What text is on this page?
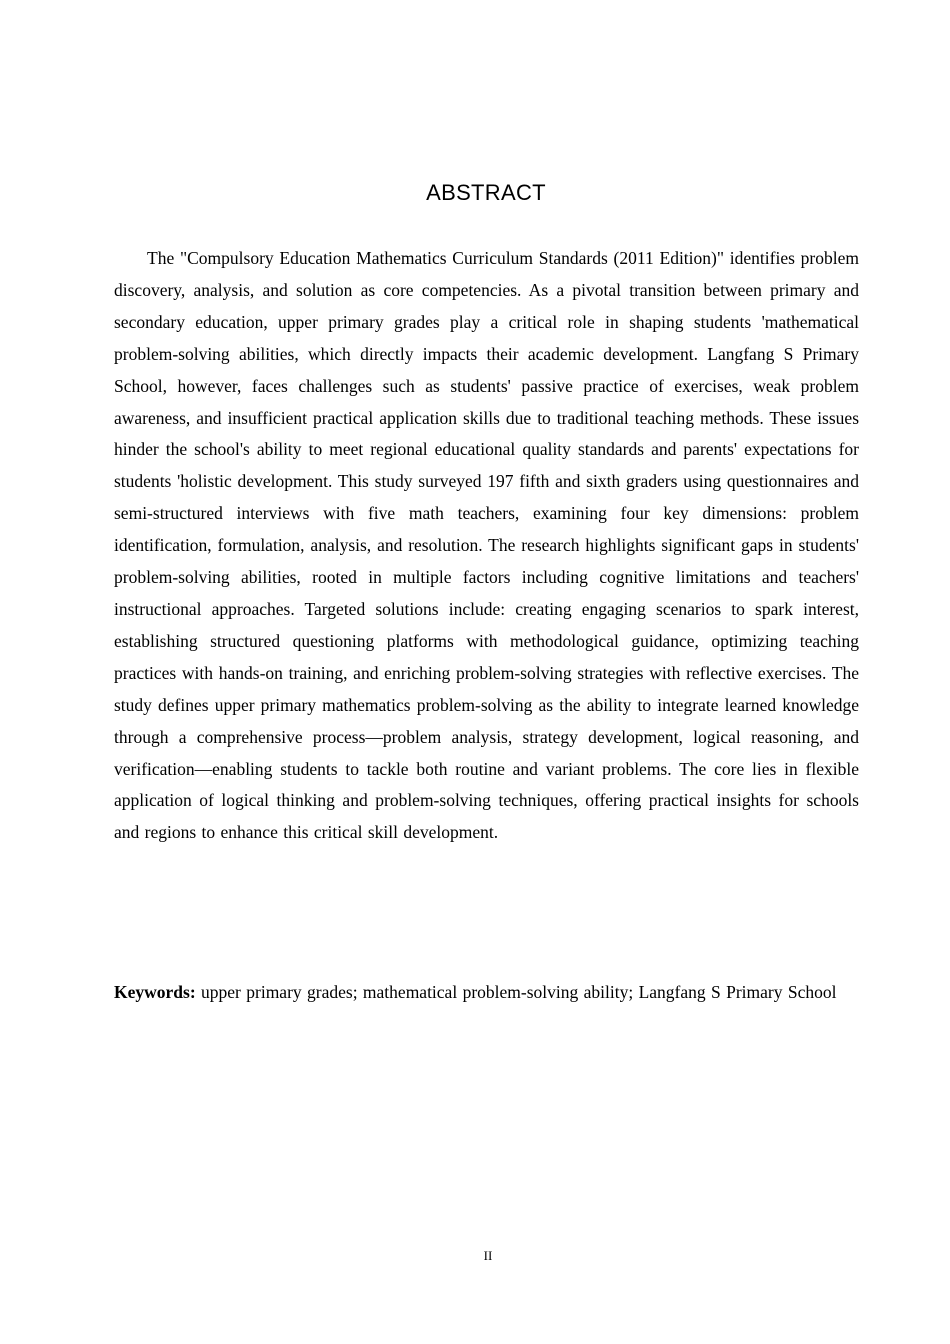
ABSTRACT

The "Compulsory Education Mathematics Curriculum Standards (2011 Edition)" identifies problem discovery, analysis, and solution as core competencies. As a pivotal transition between primary and secondary education, upper primary grades play a critical role in shaping students 'mathematical problem-solving abilities, which directly impacts their academic development. Langfang S Primary School, however, faces challenges such as students' passive practice of exercises, weak problem awareness, and insufficient practical application skills due to traditional teaching methods. These issues hinder the school's ability to meet regional educational quality standards and parents' expectations for students 'holistic development. This study surveyed 197 fifth and sixth graders using questionnaires and semi-structured interviews with five math teachers, examining four key dimensions: problem identification, formulation, analysis, and resolution. The research highlights significant gaps in students' problem-solving abilities, rooted in multiple factors including cognitive limitations and teachers' instructional approaches. Targeted solutions include: creating engaging scenarios to spark interest, establishing structured questioning platforms with methodological guidance, optimizing teaching practices with hands-on training, and enriching problem-solving strategies with reflective exercises. The study defines upper primary mathematics problem-solving as the ability to integrate learned knowledge through a comprehensive process—problem analysis, strategy development, logical reasoning, and verification—enabling students to tackle both routine and variant problems. The core lies in flexible application of logical thinking and problem-solving techniques, offering practical insights for schools and regions to enhance this critical skill development.

Keywords: upper primary grades; mathematical problem-solving ability; Langfang S Primary School

II
